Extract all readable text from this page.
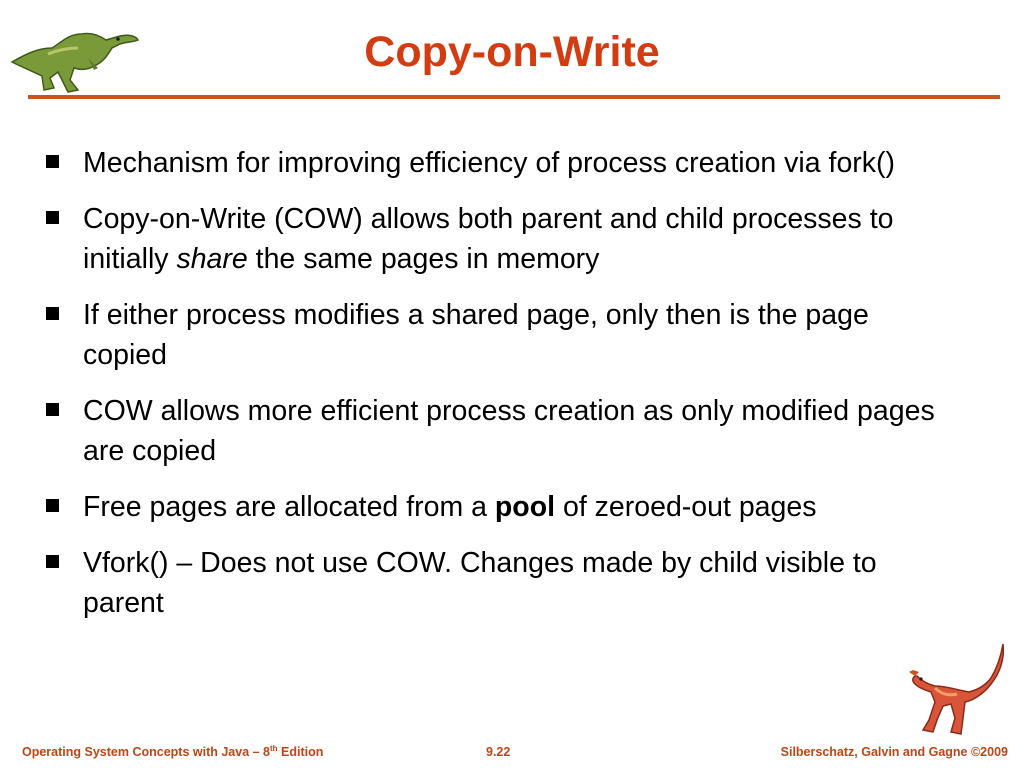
Copy-on-Write
Mechanism for improving efficiency of process creation via fork()
Copy-on-Write (COW) allows both parent and child processes to initially share the same pages in memory
If either process modifies a shared page, only then is the page copied
COW allows more efficient process creation as only modified pages are copied
Free pages are allocated from a pool of zeroed-out pages
Vfork() – Does not use COW. Changes made by child visible to parent
Operating System Concepts with Java – 8th Edition	9.22	Silberschatz, Galvin and Gagne ©2009
